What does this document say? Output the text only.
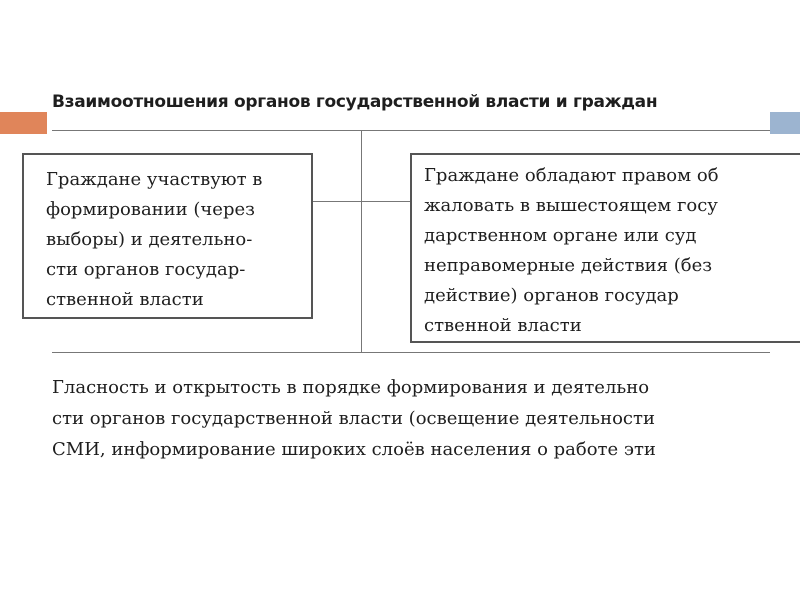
Взаимоотношения органов государственной власти и граждан
Граждане участвуют в
формировании (через
выборы) и деятельно-
сти органов государ-
ственной власти
Граждане обладают правом об
жаловать в вышестоящем госу
дарственном органе или суд
неправомерные действия (без
действие) органов государ
ственной власти
Гласность и открытость в порядке формирования и деятельно
сти органов государственной власти (освещение деятельности
СМИ, информирование широких слоёв населения о работе эти
